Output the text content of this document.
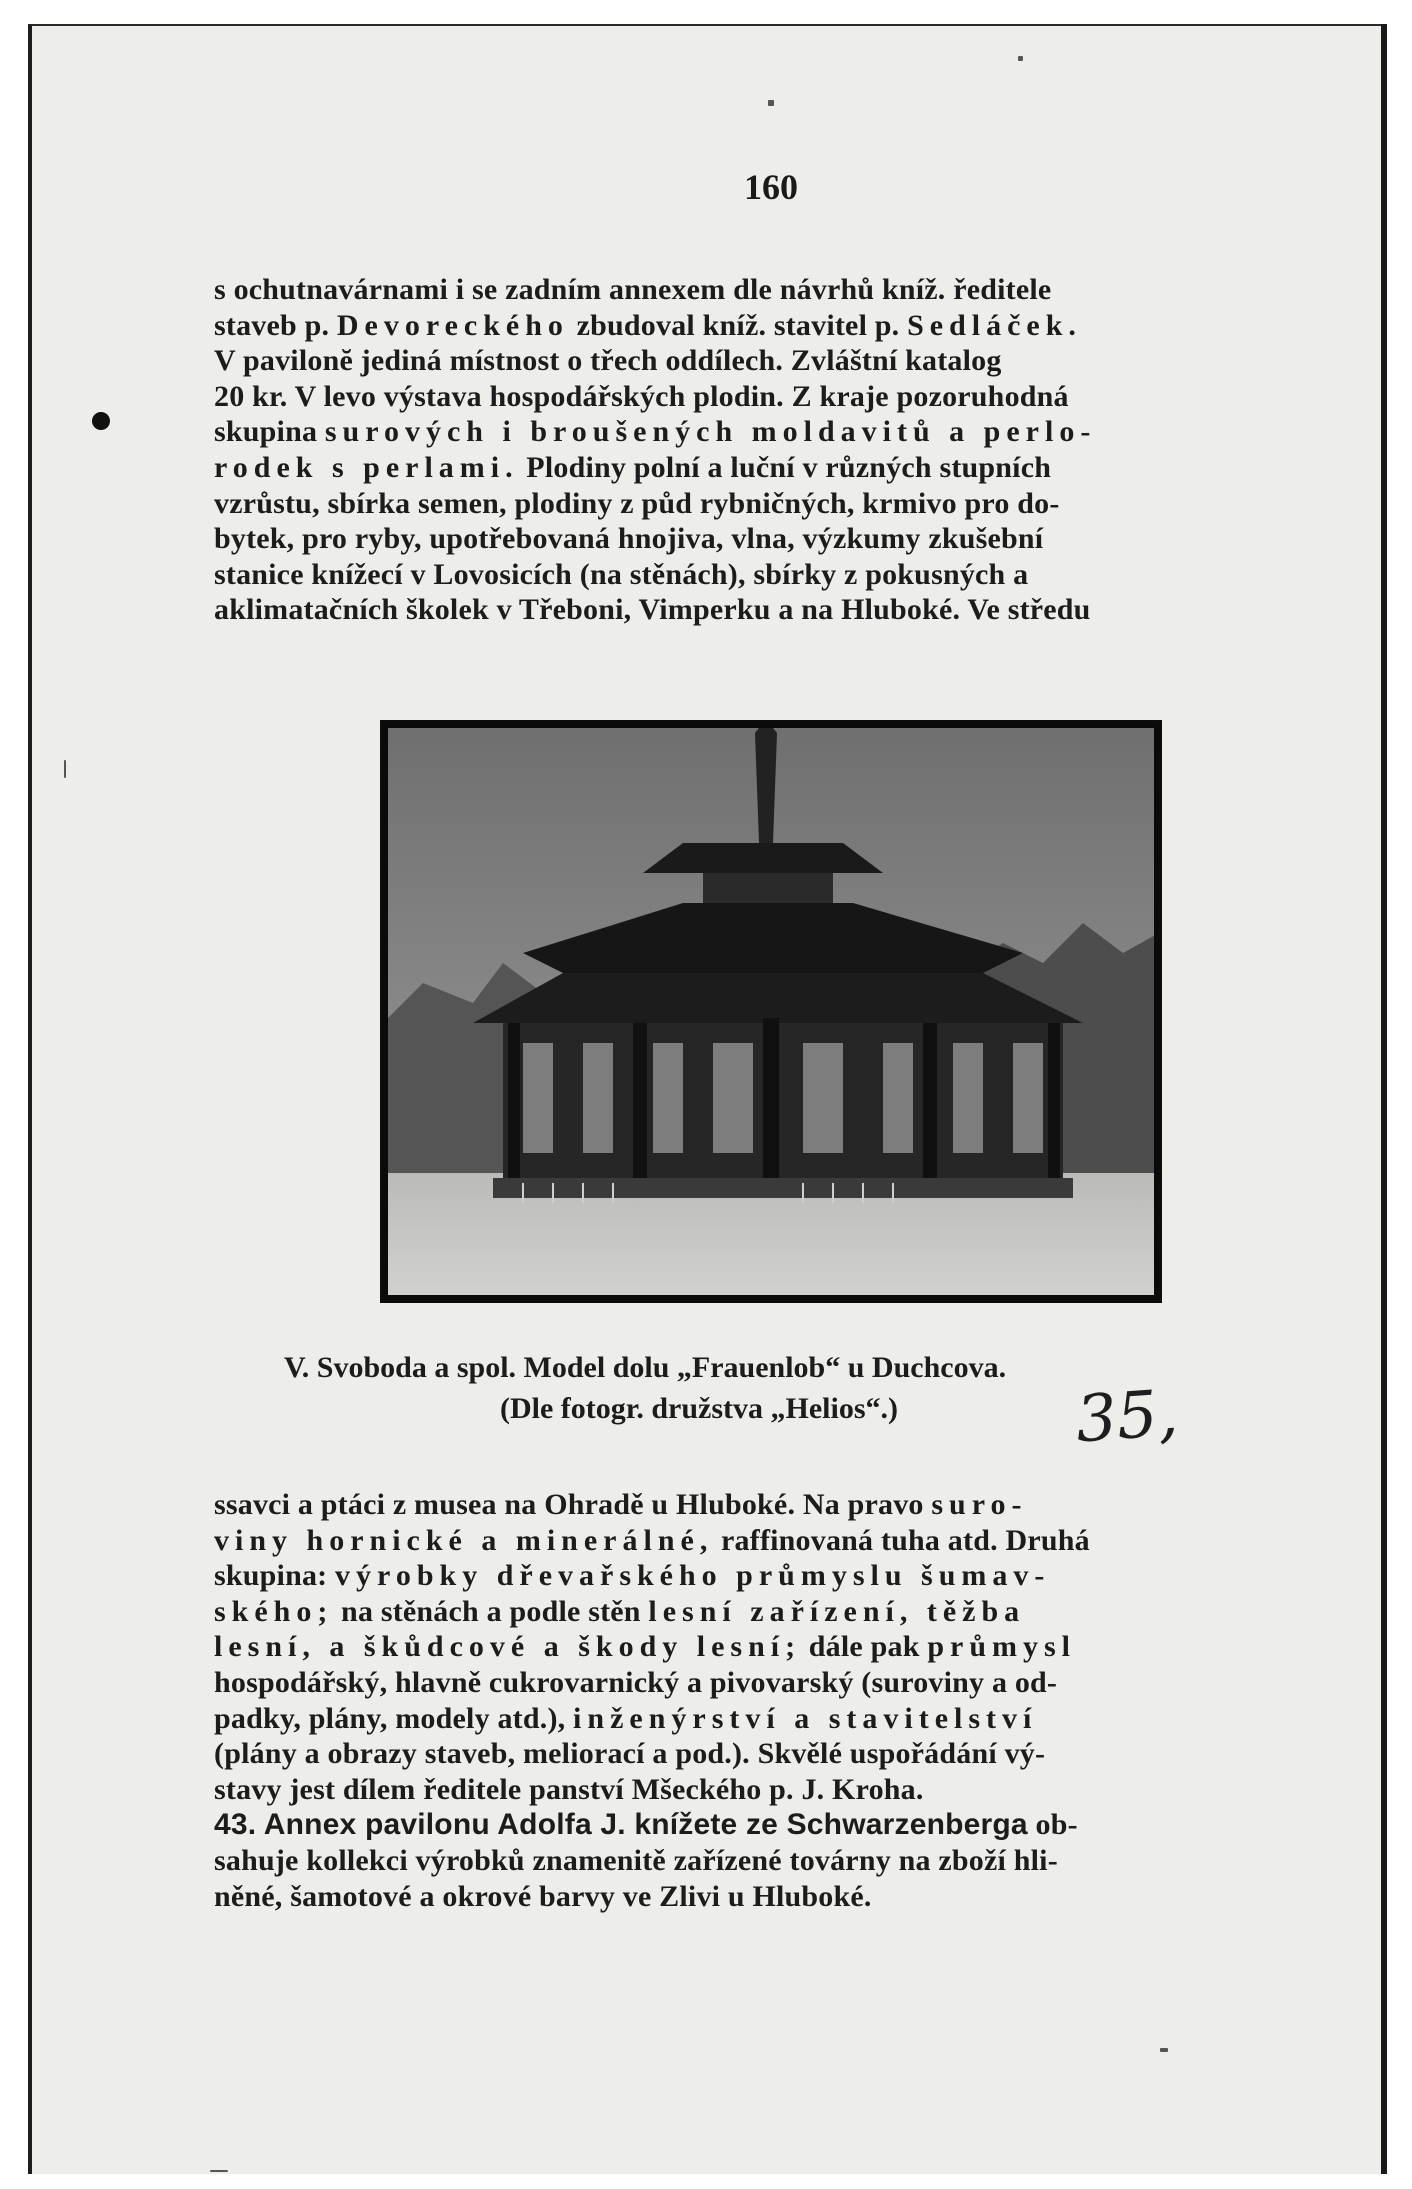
160
s ochutnavárnami i se zadním annexem dle návrhů kníž. ředitele
staveb p. Devoreckého zbudoval kníž. stavitel p. Sedláček.
V pavilonĕ jediná místnost o třech oddílech. Zvláštní katalog
20 kr. V levo výstava hospodářských plodin. Z kraje pozoruhodná
skupina surových i broušených moldavitů a perlo-
rodek s perlami. Plodiny polní a luční v různých stupních
vzrůstu, sbírka semen, plodiny z půd rybničných, krmivo pro do-
bytek, pro ryby, upotřebovaná hnojiva, vlna, výzkumy zkušební
stanice knížecí v Lovosicích (na stěnách), sbírky z pokusných a
aklimatačních školek v Třeboni, Vimperku a na Hluboké. Ve středu
V. Svoboda a spol. Model dolu „Frauenlob“ u Duchcova.
(Dle fotogr. družstva „Helios“.)	35,
ssavci a ptáci z musea na Ohradě u Hluboké. Na pravo suro-
viny hornické a minerálné, raffinovaná tuha atd. Druhá
skupina: výrobky dřevařského průmyslu šumav-
ského; na stěnách a podle stěn lesní zařízení, těžba
lesní, a škůdcové a škody lesní; dále pak průmysl
hospodářský, hlavně cukrovarnický a pivovarský (suroviny a od-
padky, plány, modely atd.), inženýrství a stavitelství
(plány a obrazy staveb, meliorací a pod.). Skvělé uspořádání vý-
stavy jest dílem ředitele panství Mšeckého p. J. Kroha.
43. Annex pavilonu Adolfa J. knížete ze Schwarzenberga ob-
sahuje kollekci výrobků znamenitě zařízené továrny na zboží hli-
něné, šamotové a okrové barvy ve Zlivi u Hluboké.
